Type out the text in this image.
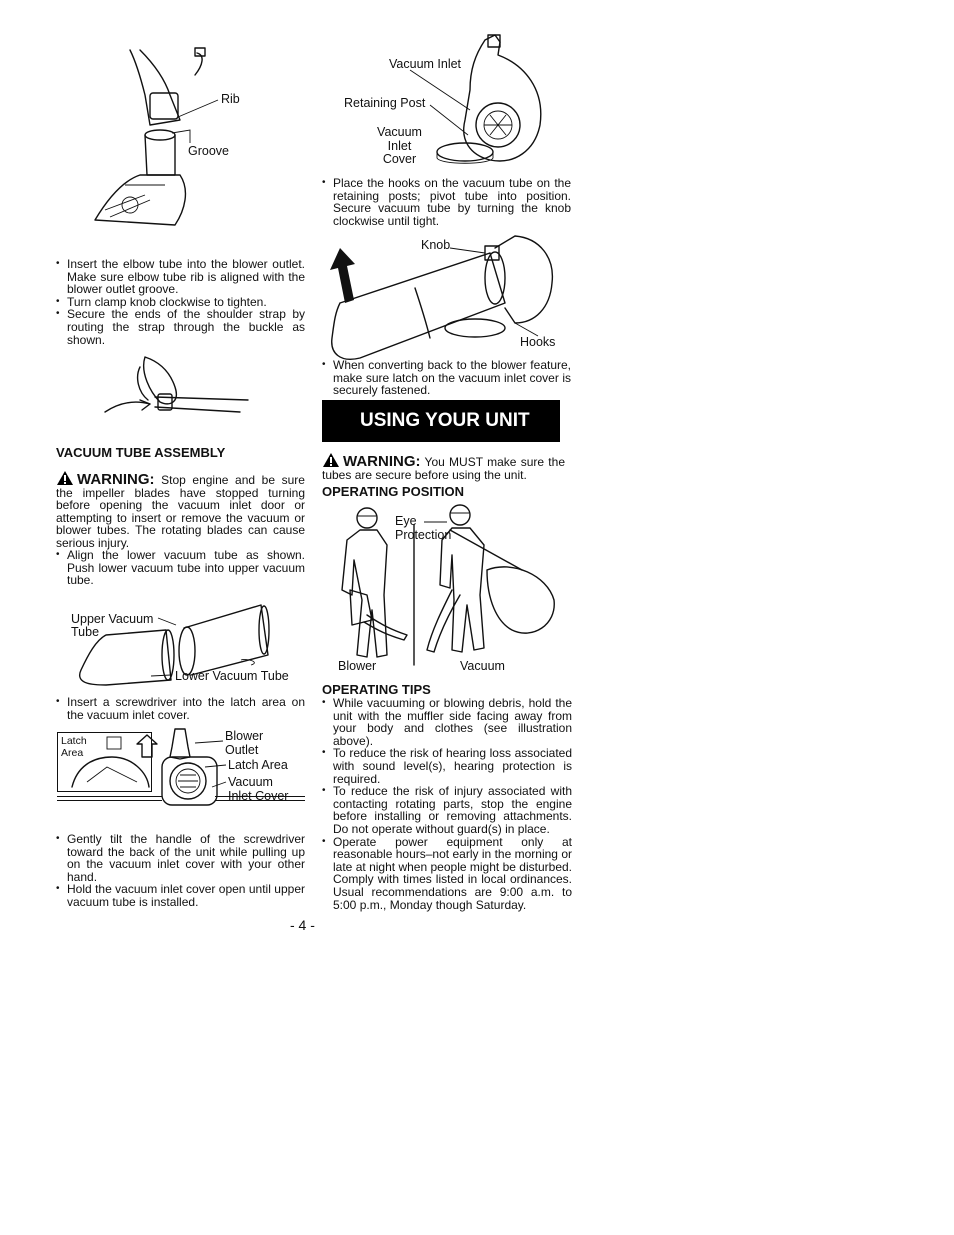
Rib
Groove
• Insert the elbow tube into the blower outlet. Make sure elbow tube rib is aligned with the blower outlet groove.
• Turn clamp knob clockwise to tighten.
• Secure the ends of the shoulder strap by routing the strap through the buckle as shown.
VACUUM TUBE ASSEMBLY
WARNING: Stop engine and be sure the impeller blades have stopped turning before opening the vacuum inlet door or attempting to insert or remove the vacuum or blower tubes. The rotating blades can cause serious injury.
• Align the lower vacuum tube as shown. Push lower vacuum tube into upper vacuum tube.
Upper Vacuum Tube
Lower Vacuum Tube
• Insert a screwdriver into the latch area on the vacuum inlet cover.
Latch Area
Blower Outlet
Latch Area
Vacuum Inlet Cover
• Gently tilt the handle of the screwdriver toward the back of the unit while pulling up on the vacuum inlet cover with your other hand.
• Hold the vacuum inlet cover open until upper vacuum tube is installed.
Vacuum Inlet
Retaining Post
Vacuum Inlet Cover
• Place the hooks on the vacuum tube on the retaining posts; pivot tube into position. Secure vacuum tube by turning the knob clockwise until tight.
Knob
Hooks
• When converting back to the blower feature, make sure latch on the vacuum inlet cover is securely fastened.
USING YOUR UNIT
WARNING: You MUST make sure the tubes are secure before using the unit.
OPERATING POSITION
Eye Protection
Blower	Vacuum
OPERATING TIPS
• While vacuuming or blowing debris, hold the unit with the muffler side facing away from your body and clothes (see illustration above).
• To reduce the risk of hearing loss associated with sound level(s), hearing protection is required.
• To reduce the risk of injury associated with contacting rotating parts, stop the engine before installing or removing attachments. Do not operate without guard(s) in place.
• Operate power equipment only at reasonable hours–not early in the morning or late at night when people might be disturbed. Comply with times listed in local ordinances. Usual recommendations are 9:00 a.m. to 5:00 p.m., Monday though Saturday.
- 4 -
